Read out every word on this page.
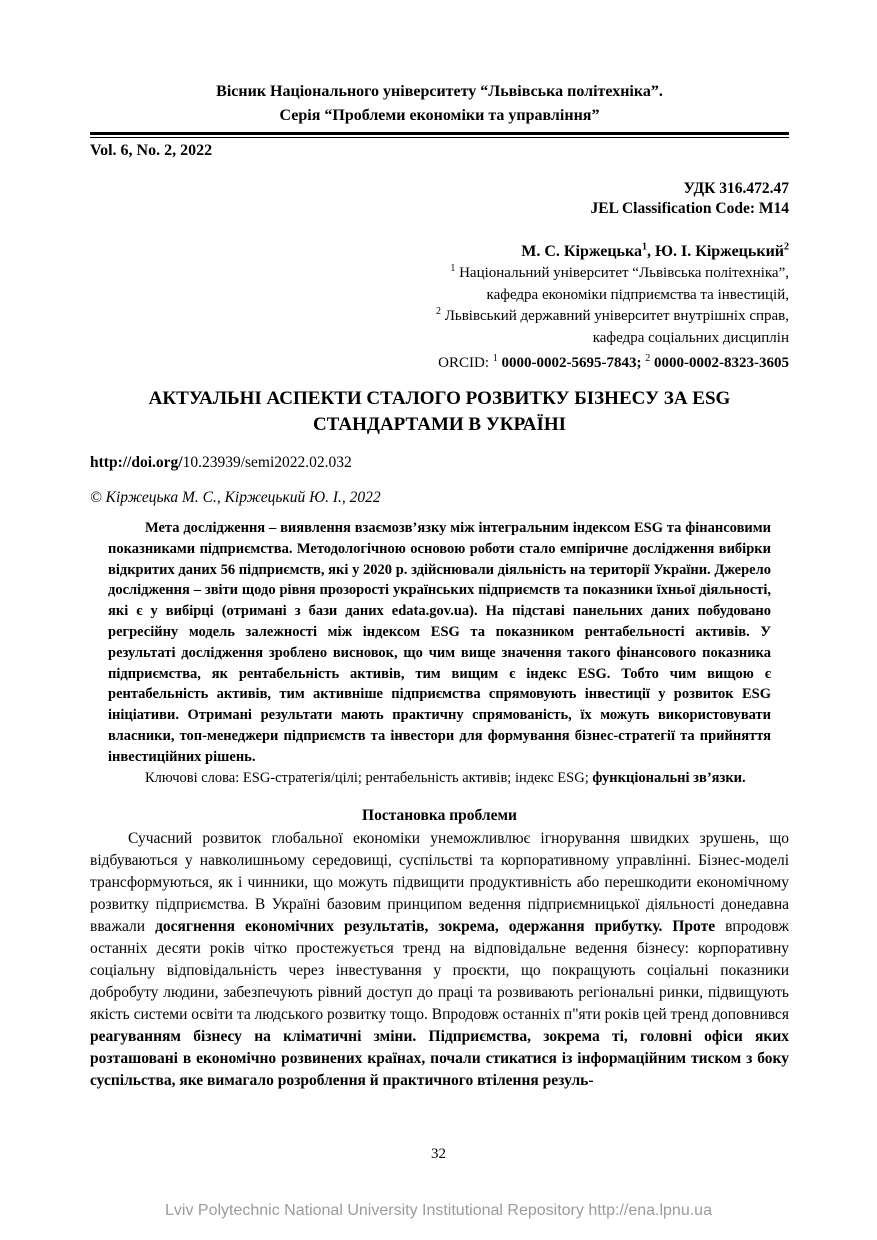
Вісник Національного університету “Львівська політехніка”.
Серія “Проблеми економіки та управління”
Vol. 6, No. 2, 2022
УДК 316.472.47
JEL Classification Code: M14
М. С. Кіржецька$^1$, Ю. І. Кіржецький$^2$
$^1$ Національний університет “Львівська політехніка”,
кафедра економіки підприємства та інвестицій,
$^2$ Львівський державний університет внутрішніх справ,
кафедра соціальних дисциплін
ORCID: $^1$ 0000-0002-5695-7843; $^2$ 0000-0002-8323-3605
АКТУАЛЬНІ АСПЕКТИ СТАЛОГО РОЗВИТКУ БІЗНЕСУ ЗА ESG СТАНДАРТАМИ В УКРАЇНІ
http://doi.org/10.23939/semi2022.02.032
© Кіржецька М. С., Кіржецький Ю. І., 2022

Мета дослідження – виявлення взаємозв’язку між інтегральним індексом ESG та фінансовими показниками підприємства. Методологічною основою роботи стало емпіричне дослідження вибірки відкритих даних 56 підприємств, які у 2020 р. здійснювали діяльність на території України. Джерело дослідження – звіти щодо рівня прозорості українських підприємств та показники їхньої діяльності, які є у вибірці (отримані з бази даних edata.gov.ua). На підставі панельних даних побудовано регресійну модель залежності між індексом ESG та показником рентабельності активів. У результаті дослідження зроблено висновок, що чим вище значення такого фінансового показника підприємства, як рентабельність активів, тим вищим є індекс ESG. Тобто чим вищою є рентабельність активів, тим активніше підприємства спрямовують інвестиції у розвиток ESG ініціативи. Отримані результати мають практичну спрямованість, їх можуть використовувати власники, топ-менеджери підприємств та інвестори для формування бізнес-стратегії та прийняття інвестиційних рішень.

Ключові слова: ESG-стратегія/цілі; рентабельність активів; індекс ESG; функціональні зв’язки.

Постановка проблеми

Сучасний розвиток глобальної економіки унеможливлює ігнорування швидких зрушень, що відбуваються у навколишньому середовищі, суспільстві та корпоративному управлінні. Бізнес-моделі трансформуються, як і чинники, що можуть підвищити продуктивність або перешкодити економічному розвитку підприємства. В Україні базовим принципом ведення підприємницької діяльності донедавна вважали досягнення економічних результатів, зокрема, одержання прибутку. Проте впродовж останніх десяти років чітко простежується тренд на відповідальне ведення бізнесу: корпоративну соціальну відповідальність через інвестування у проєкти, що покращують соціальні показники добробуту людини, забезпечують рівний доступ до праці та розвивають регіональні ринки, підвищують якість системи освіти та людського розвитку тощо. Впродовж останніх п"яти років цей тренд доповнився реагуванням бізнесу на кліматичні зміни. Підприємства, зокрема ті, головні офіси яких розташовані в економічно розвинених країнах, почали стикатися із інформаційним тиском з боку суспільства, яке вимагало розроблення й практичного втілення резуль-

32
Lviv Polytechnic National University Institutional Repository http://ena.lpnu.ua
